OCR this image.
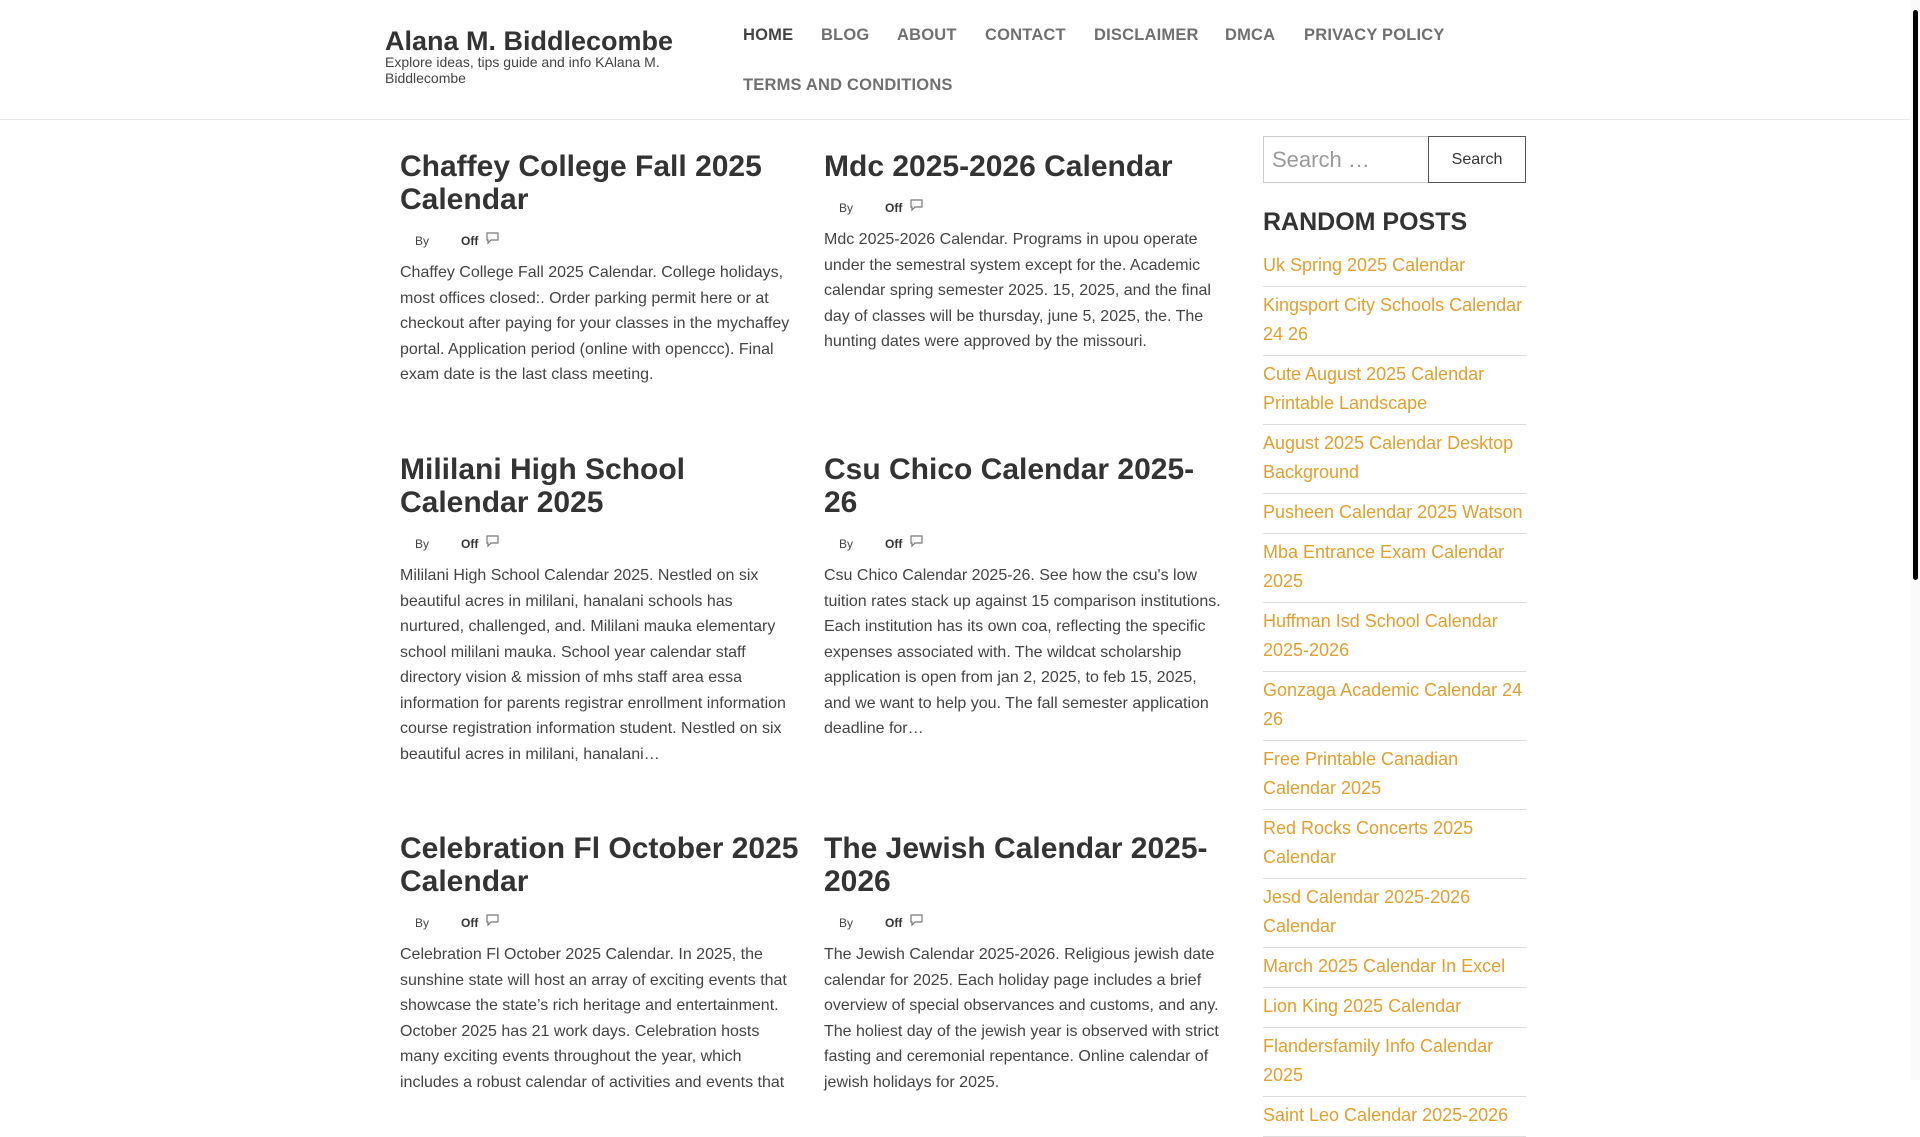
Alana M. Biddlecombe
Explore ideas, tips guide and info KAlana M. Biddlecombe
HOME BLOG ABOUT CONTACT DISCLAIMER DMCA PRIVACY POLICY
TERMS AND CONDITIONS
Chaffey College Fall 2025 Calendar
By	Off

Chaffey College Fall 2025 Calendar. College holidays, most offices closed:. Order parking permit here or at checkout after paying for your classes in the mychaffey portal. Application period (online with openccc). Final exam date is the last class meeting.

Mdc 2025-2026 Calendar
By	Off

Mdc 2025-2026 Calendar. Programs in upou operate under the semestral system except for the. Academic calendar spring semester 2025. 15, 2025, and the final day of classes will be thursday, june 5, 2025, the. The hunting dates were approved by the missouri.

Mililani High School Calendar 2025
By	Off

Mililani High School Calendar 2025. Nestled on six beautiful acres in mililani, hanalani schools has nurtured, challenged, and. Mililani mauka elementary school mililani mauka. School year calendar staff directory vision & mission of mhs staff area essa information for parents registrar enrollment information course registration information student. Nestled on six beautiful acres in mililani, hanalani…

Csu Chico Calendar 2025-26
By	Off

Csu Chico Calendar 2025-26. See how the csu's low tuition rates stack up against 15 comparison institutions. Each institution has its own coa, reflecting the specific expenses associated with. The wildcat scholarship application is open from jan 2, 2025, to feb 15, 2025, and we want to help you. The fall semester application deadline for…

Celebration Fl October 2025 Calendar
By	Off

Celebration Fl October 2025 Calendar. In 2025, the sunshine state will host an array of exciting events that showcase the state’s rich heritage and entertainment. October 2025 has 21 work days. Celebration hosts many exciting events throughout the year, which includes a robust calendar of activities and events that

The Jewish Calendar 2025-2026
By	Off

The Jewish Calendar 2025-2026. Religious jewish date calendar for 2025. Each holiday page includes a brief overview of special observances and customs, and any. The holiest day of the jewish year is observed with strict fasting and ceremonial repentance. Online calendar of jewish holidays for 2025.

Search …
Search
RANDOM POSTS
Uk Spring 2025 Calendar
Kingsport City Schools Calendar 24 26
Cute August 2025 Calendar Printable Landscape
August 2025 Calendar Desktop Background
Pusheen Calendar 2025 Watson
Mba Entrance Exam Calendar 2025
Huffman Isd School Calendar 2025-2026
Gonzaga Academic Calendar 24 26
Free Printable Canadian Calendar 2025
Red Rocks Concerts 2025 Calendar
Jesd Calendar 2025-2026 Calendar
March 2025 Calendar In Excel
Lion King 2025 Calendar
Flandersfamily Info Calendar 2025
Saint Leo Calendar 2025-2026
